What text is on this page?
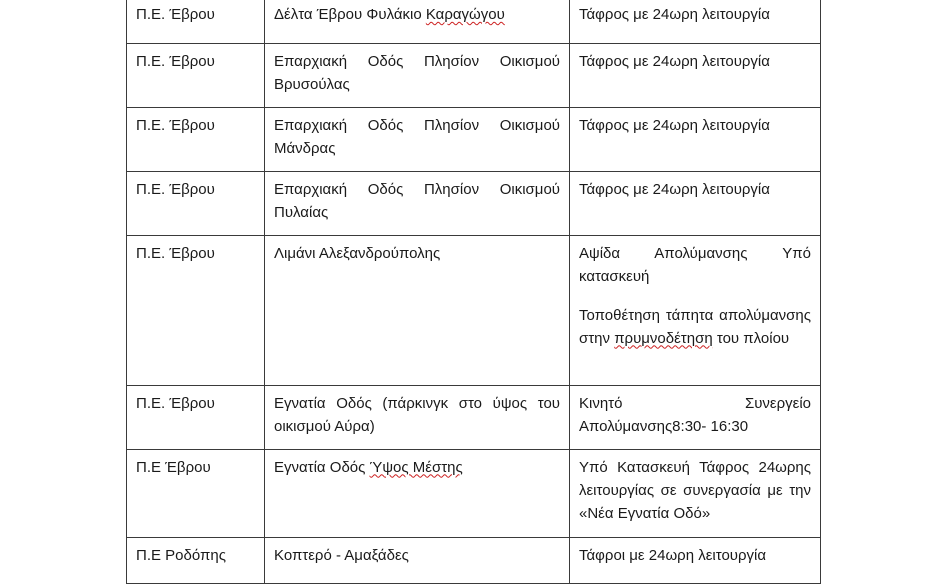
Π.Ε. Έβρου	Δέλτα Έβρου Φυλάκιο Καραγώγου	Τάφρος με 24ωρη λειτουργία

Π.Ε. Έβρου	Επαρχιακή Οδός Πλησίον Οικισμού Βρυσούλας	Τάφρος με 24ωρη λειτουργία

Π.Ε. Έβρου	Επαρχιακή Οδός Πλησίον Οικισμού Μάνδρας	Τάφρος με 24ωρη λειτουργία

Π.Ε. Έβρου	Επαρχιακή Οδός Πλησίον Οικισμού Πυλαίας	Τάφρος με 24ωρη λειτουργία

Π.Ε. Έβρου	Λιμάνι Αλεξανδρούπολης	Αψίδα Απολύμανσης Υπό κατασκευή
Τοποθέτηση τάπητα απολύμανσης στην πρυμνοδέτηση του πλοίου

Π.Ε. Έβρου	Εγνατία Οδός (πάρκινγκ στο ύψος του οικισμού Αύρα)	Κινητό Συνεργείο Απολύμανσης8:30- 16:30

Π.Ε Έβρου	Εγνατία Οδός Ύψος Μέστης	Υπό Κατασκευή Τάφρος 24ωρης λειτουργίας σε συνεργασία με την «Νέα Εγνατία Οδό»

Π.Ε Ροδόπης	Κοπτερό - Αμαξάδες	Τάφροι με 24ωρη λειτουργία
